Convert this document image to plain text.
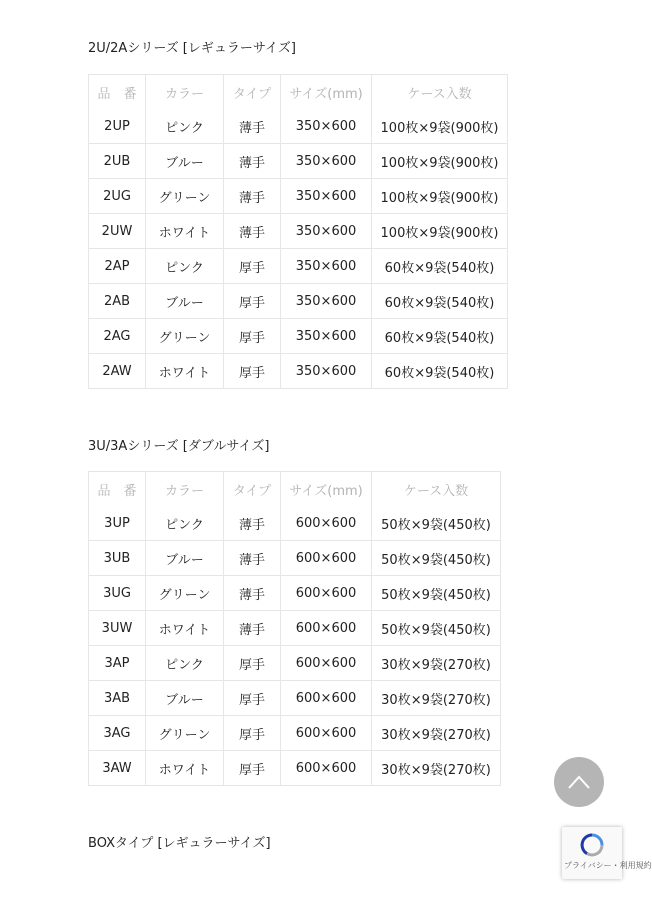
2U/2Aシリーズ [レギュラーサイズ]
品　番	カラー	タイプ	サイズ(mm)	ケース入数
2UP	ピンク	薄手	350×600	100枚×9袋(900枚)
2UB	ブルー	薄手	350×600	100枚×9袋(900枚)
2UG	グリーン	薄手	350×600	100枚×9袋(900枚)
2UW	ホワイト	薄手	350×600	100枚×9袋(900枚)
2AP	ピンク	厚手	350×600	60枚×9袋(540枚)
2AB	ブルー	厚手	350×600	60枚×9袋(540枚)
2AG	グリーン	厚手	350×600	60枚×9袋(540枚)
2AW	ホワイト	厚手	350×600	60枚×9袋(540枚)
3U/3Aシリーズ [ダブルサイズ]
品　番	カラー	タイプ	サイズ(mm)	ケース入数
3UP	ピンク	薄手	600×600	50枚×9袋(450枚)
3UB	ブルー	薄手	600×600	50枚×9袋(450枚)
3UG	グリーン	薄手	600×600	50枚×9袋(450枚)
3UW	ホワイト	薄手	600×600	50枚×9袋(450枚)
3AP	ピンク	厚手	600×600	30枚×9袋(270枚)
3AB	ブルー	厚手	600×600	30枚×9袋(270枚)
3AG	グリーン	厚手	600×600	30枚×9袋(270枚)
3AW	ホワイト	厚手	600×600	30枚×9袋(270枚)
BOXタイプ [レギュラーサイズ]
プライバシー・利用規約
